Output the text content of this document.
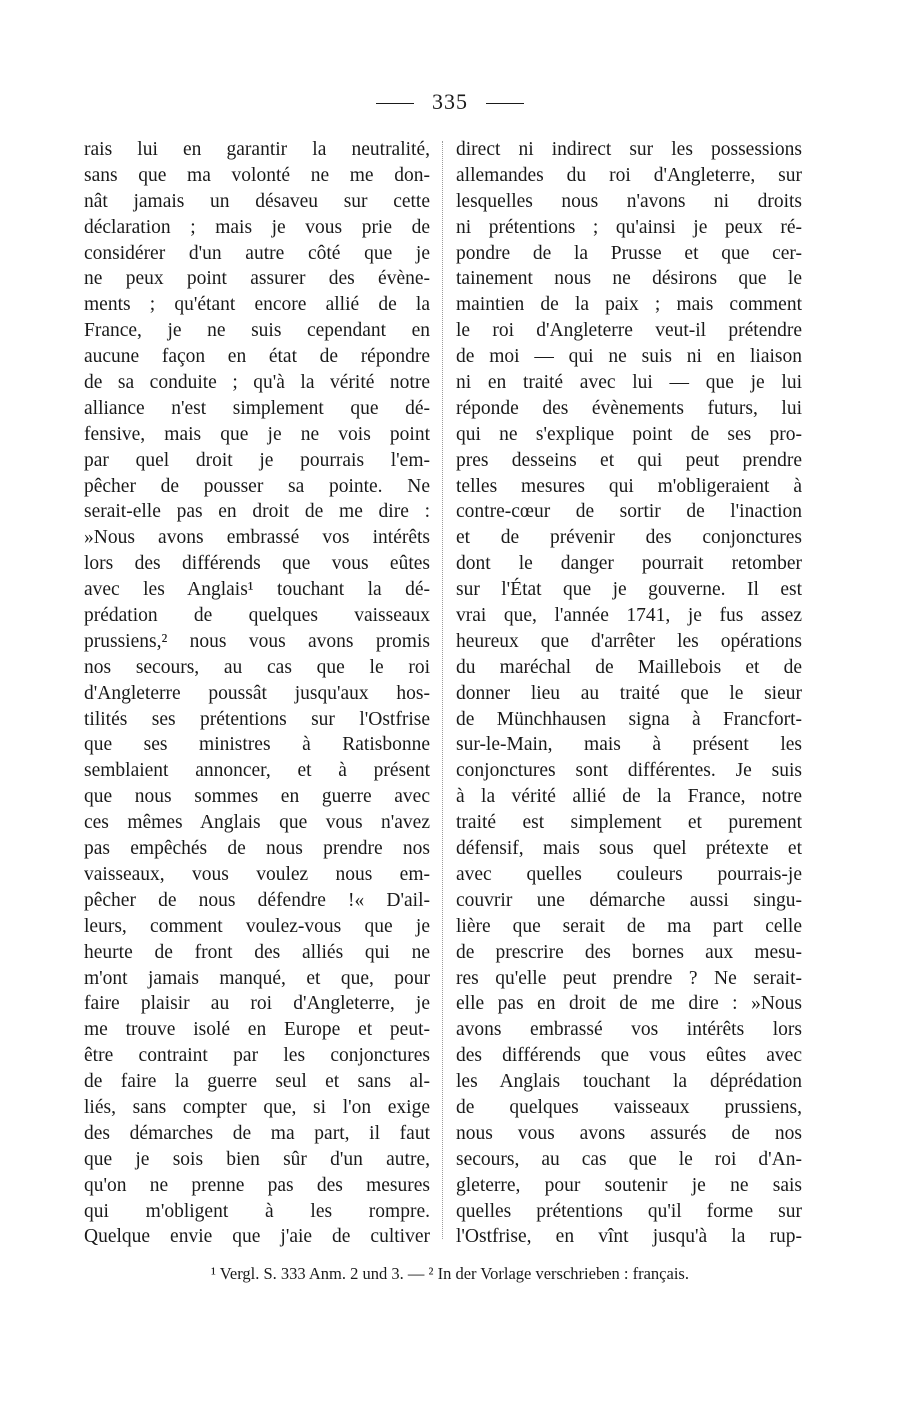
335
rais lui en garantir la neutralité,
sans que ma volonté ne me don-
nât jamais un désaveu sur cette
déclaration ; mais je vous prie de
considérer d'un autre côté que je
ne peux point assurer des évène-
ments ; qu'étant encore allié de la
France, je ne suis cependant en
aucune façon en état de répondre
de sa conduite ; qu'à la vérité notre
alliance n'est simplement que dé-
fensive, mais que je ne vois point
par quel droit je pourrais l'em-
pêcher de pousser sa pointe. Ne
serait-elle pas en droit de me dire :
»Nous avons embrassé vos intérêts
lors des différends que vous eûtes
avec les Anglais¹ touchant la dé-
prédation de quelques vaisseaux
prussiens,² nous vous avons promis
nos secours, au cas que le roi
d'Angleterre poussât jusqu'aux hos-
tilités ses prétentions sur l'Ostfrise
que ses ministres à Ratisbonne
semblaient annoncer, et à présent
que nous sommes en guerre avec
ces mêmes Anglais que vous n'avez
pas empêchés de nous prendre nos
vaisseaux, vous voulez nous em-
pêcher de nous défendre !« D'ail-
leurs, comment voulez-vous que je
heurte de front des alliés qui ne
m'ont jamais manqué, et que, pour
faire plaisir au roi d'Angleterre, je
me trouve isolé en Europe et peut-
être contraint par les conjonctures
de faire la guerre seul et sans al-
liés, sans compter que, si l'on exige
des démarches de ma part, il faut
que je sois bien sûr d'un autre,
qu'on ne prenne pas des mesures
qui m'obligent à les rompre.
Quelque envie que j'aie de cultiver
direct ni indirect sur les possessions
allemandes du roi d'Angleterre, sur
lesquelles nous n'avons ni droits
ni prétentions ; qu'ainsi je peux ré-
pondre de la Prusse et que cer-
tainement nous ne désirons que le
maintien de la paix ; mais comment
le roi d'Angleterre veut-il prétendre
de moi — qui ne suis ni en liaison
ni en traité avec lui — que je lui
réponde des évènements futurs, lui
qui ne s'explique point de ses pro-
pres desseins et qui peut prendre
telles mesures qui m'obligeraient à
contre-cœur de sortir de l'inaction
et de prévenir des conjonctures
dont le danger pourrait retomber
sur l'État que je gouverne. Il est
vrai que, l'année 1741, je fus assez
heureux que d'arrêter les opérations
du maréchal de Maillebois et de
donner lieu au traité que le sieur
de Münchhausen signa à Francfort-
sur-le-Main, mais à présent les
conjonctures sont différentes. Je suis
à la vérité allié de la France, notre
traité est simplement et purement
défensif, mais sous quel prétexte et
avec quelles couleurs pourrais-je
couvrir une démarche aussi singu-
lière que serait de ma part celle
de prescrire des bornes aux mesu-
res qu'elle peut prendre ? Ne serait-
elle pas en droit de me dire : »Nous
avons embrassé vos intérêts lors
des différends que vous eûtes avec
les Anglais touchant la déprédation
de quelques vaisseaux prussiens,
nous vous avons assurés de nos
secours, au cas que le roi d'An-
gleterre, pour soutenir je ne sais
quelles prétentions qu'il forme sur
l'Ostfrise, en vînt jusqu'à la rup-
¹ Vergl. S. 333 Anm. 2 und 3. — ² In der Vorlage verschrieben : français.
